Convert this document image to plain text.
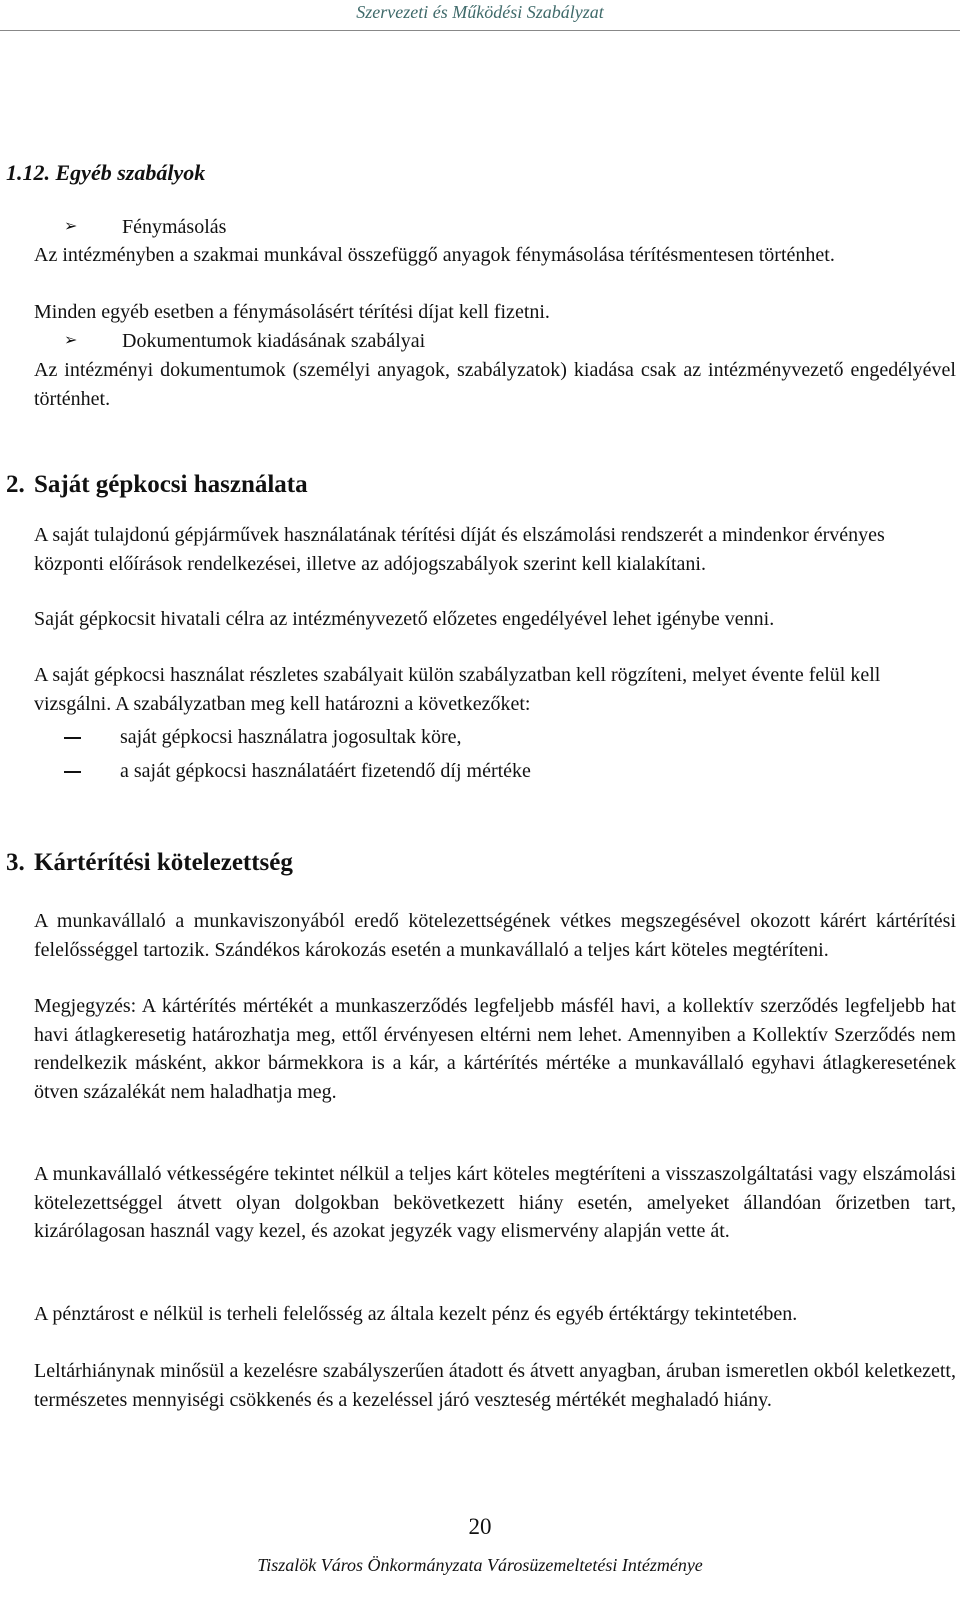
Szervezeti és Működési Szabályzat
1.12. Egyéb szabályok
➢ Fénymásolás
Az intézményben a szakmai munkával összefüggő anyagok fénymásolása térítésmentesen történhet.
Minden egyéb esetben a fénymásolásért térítési díjat kell fizetni.
➢ Dokumentumok kiadásának szabályai
Az intézményi dokumentumok (személyi anyagok, szabályzatok) kiadása csak az intézményvezető engedélyével történhet.
2. Saját gépkocsi használata
A saját tulajdonú gépjárművek használatának térítési díját és elszámolási rendszerét a mindenkor érvényes központi előírások rendelkezései, illetve az adójogszabályok szerint kell kialakítani.
Saját gépkocsit hivatali célra az intézményvezető előzetes engedélyével lehet igénybe venni.
A saját gépkocsi használat részletes szabályait külön szabályzatban kell rögzíteni, melyet évente felül kell vizsgálni. A szabályzatban meg kell határozni a következőket:
saját gépkocsi használatra jogosultak köre,
a saját gépkocsi használatáért fizetendő díj mértéke
3. Kártérítési kötelezettség
A munkavállaló a munkaviszonyából eredő kötelezettségének vétkes megszegésével okozott kárért kártérítési felelősséggel tartozik. Szándékos károkozás esetén a munkavállaló a teljes kárt köteles megtéríteni.
Megjegyzés: A kártérítés mértékét a munkaszerződés legfeljebb másfél havi, a kollektív szerződés legfeljebb hat havi átlagkeresetig határozhatja meg, ettől érvényesen eltérni nem lehet. Amennyiben a Kollektív Szerződés nem rendelkezik másként, akkor bármekkora is a kár, a kártérítés mértéke a munkavállaló egyhavi átlagkeresetének ötven százalékát nem haladhatja meg.
A munkavállaló vétkességére tekintet nélkül a teljes kárt köteles megtéríteni a visszaszolgáltatási vagy elszámolási kötelezettséggel átvett olyan dolgokban bekövetkezett hiány esetén, amelyeket állandóan őrizetben tart, kizárólagosan használ vagy kezel, és azokat jegyzék vagy elismervény alapján vette át.
A pénztárost e nélkül is terheli felelősség az általa kezelt pénz és egyéb értéktárgy tekintetében.
Leltárhiánynak minősül a kezelésre szabályszerűen átadott és átvett anyagban, áruban ismeretlen okból keletkezett, természetes mennyiségi csökkenés és a kezeléssel járó veszteség mértékét meghaladó hiány.
20
Tiszalök Város Önkormányzata Városüzemeltetési Intézménye
